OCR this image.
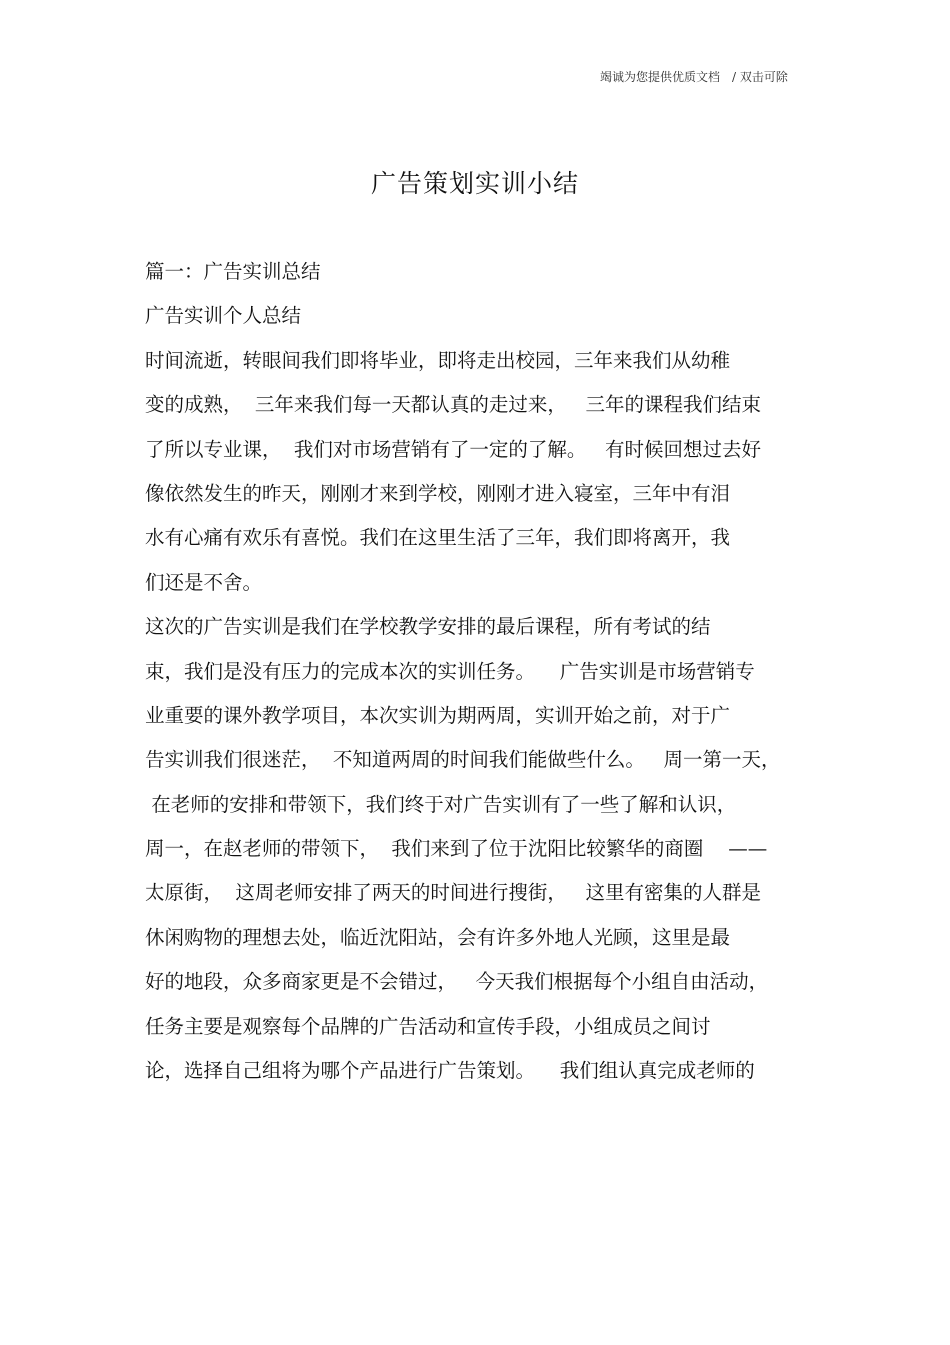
竭诚为您提供优质文档 / 双击可除
广告策划实训小结
篇一：广告实训总结
广告实训个人总结
时间流逝，转眼间我们即将毕业，即将走出校园，三年来我们从幼稚
变的成熟，  三年来我们每一天都认真的走过来，   三年的课程我们结束
了所以专业课，  我们对市场营销有了一定的了解。   有时候回想过去好
像依然发生的昨天，刚刚才来到学校，刚刚才进入寝室，三年中有泪
水有心痛有欢乐有喜悦。我们在这里生活了三年，我们即将离开，我
们还是不舍。
这次的广告实训是我们在学校教学安排的最后课程，所有考试的结
束，我们是没有压力的完成本次的实训任务。    广告实训是市场营销专
业重要的课外教学项目，本次实训为期两周，实训开始之前，对于广
告实训我们很迷茫，  不知道两周的时间我们能做些什么。   周一第一天，
在老师的安排和带领下，我们终于对广告实训有了一些了解和认识，
周一，在赵老师的带领下，  我们来到了位于沈阳比较繁华的商圈    ——
太原街，  这周老师安排了两天的时间进行搜街，   这里有密集的人群是
休闲购物的理想去处，临近沈阳站，会有许多外地人光顾，这里是最
好的地段，众多商家更是不会错过，   今天我们根据每个小组自由活动，
任务主要是观察每个品牌的广告活动和宣传手段，小组成员之间讨
论，选择自己组将为哪个产品进行广告策划。    我们组认真完成老师的
